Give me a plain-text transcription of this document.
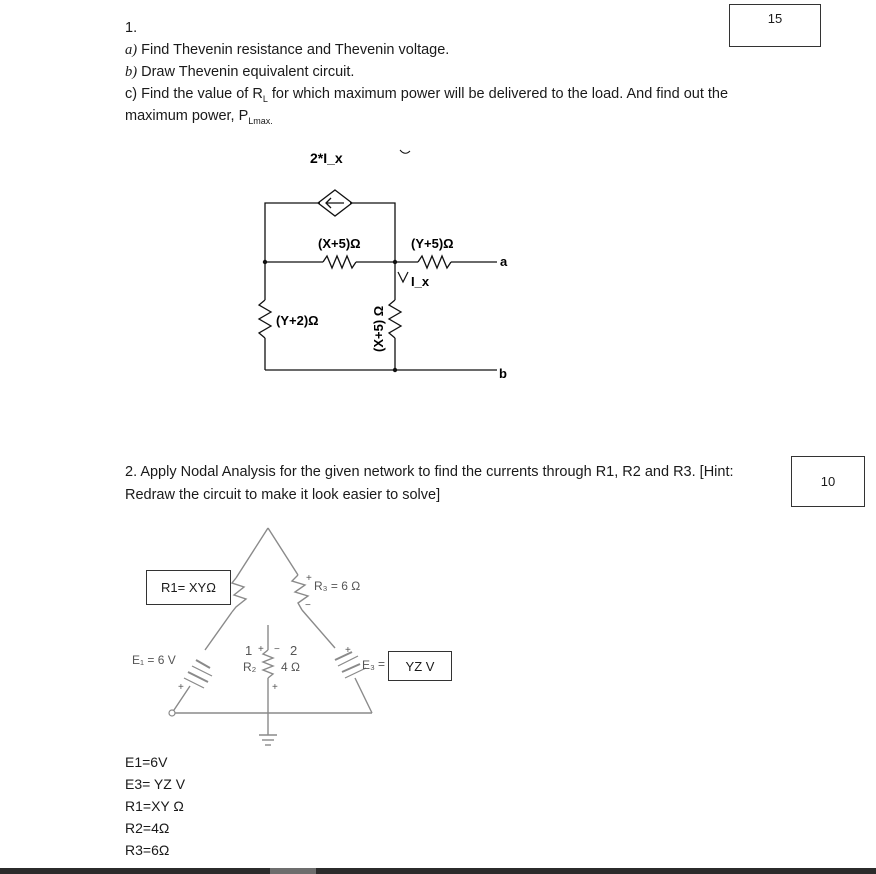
15
1.
a) Find Thevenin resistance and Thevenin voltage.
b) Draw Thevenin equivalent circuit.
c) Find the value of $R_L$ for which maximum power will be delivered to the load. And find out the
maximum power, $P_{Lmax.}$
2*I_x
(X+5)Ω	(Y+5)Ω
(Y+2)Ω	(X+5) Ω
I_x
a
b
10
2. Apply Nodal Analysis for the given network to find the currents through R1, R2 and R3. [Hint:
Redraw the circuit to make it look easier to solve]
E₁ = 6 V
+
R₃ = 6 Ω
+
−
R₂ 4 Ω
1	2
+ −
+
E₃
+
=
R1= XYΩ
YZ V
E1=6V
E3= YZ V
R1=XY Ω
R2=4Ω
R3=6Ω
